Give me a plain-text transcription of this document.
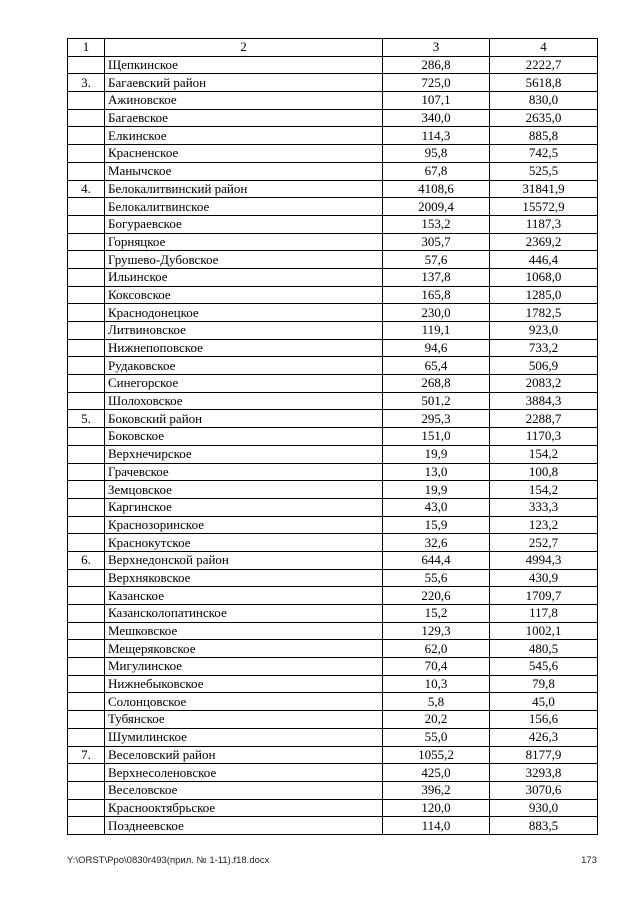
1	2	3	4
	Щепкинское	286,8	2222,7
3.	Багаевский район	725,0	5618,8
	Ажиновское	107,1	830,0
	Багаевское	340,0	2635,0
	Елкинское	114,3	885,8
	Красненское	95,8	742,5
	Манычское	67,8	525,5
4.	Белокалитвинский район	4108,6	31841,9
	Белокалитвинское	2009,4	15572,9
	Богураевское	153,2	1187,3
	Горняцкое	305,7	2369,2
	Грушево-Дубовское	57,6	446,4
	Ильинское	137,8	1068,0
	Коксовское	165,8	1285,0
	Краснодонецкое	230,0	1782,5
	Литвиновское	119,1	923,0
	Нижнепоповское	94,6	733,2
	Рудаковское	65,4	506,9
	Синегорское	268,8	2083,2
	Шолоховское	501,2	3884,3
5.	Боковский район	295,3	2288,7
	Боковское	151,0	1170,3
	Верхнечирское	19,9	154,2
	Грачевское	13,0	100,8
	Земцовское	19,9	154,2
	Каргинское	43,0	333,3
	Краснозоринское	15,9	123,2
	Краснокутское	32,6	252,7
6.	Верхнедонской район	644,4	4994,3
	Верхняковское	55,6	430,9
	Казанское	220,6	1709,7
	Казансколопатинское	15,2	117,8
	Мешковское	129,3	1002,1
	Мещеряковское	62,0	480,5
	Мигулинское	70,4	545,6
	Нижнебыковское	10,3	79,8
	Солонцовское	5,8	45,0
	Тубянское	20,2	156,6
	Шумилинское	55,0	426,3
7.	Веселовский район	1055,2	8177,9
	Верхнесоленовское	425,0	3293,8
	Веселовское	396,2	3070,6
	Краснооктябрьское	120,0	930,0
	Позднеевское	114,0	883,5
Y:\ORST\Ppo\0830r493(прил. № 1-11).f18.docx	173
